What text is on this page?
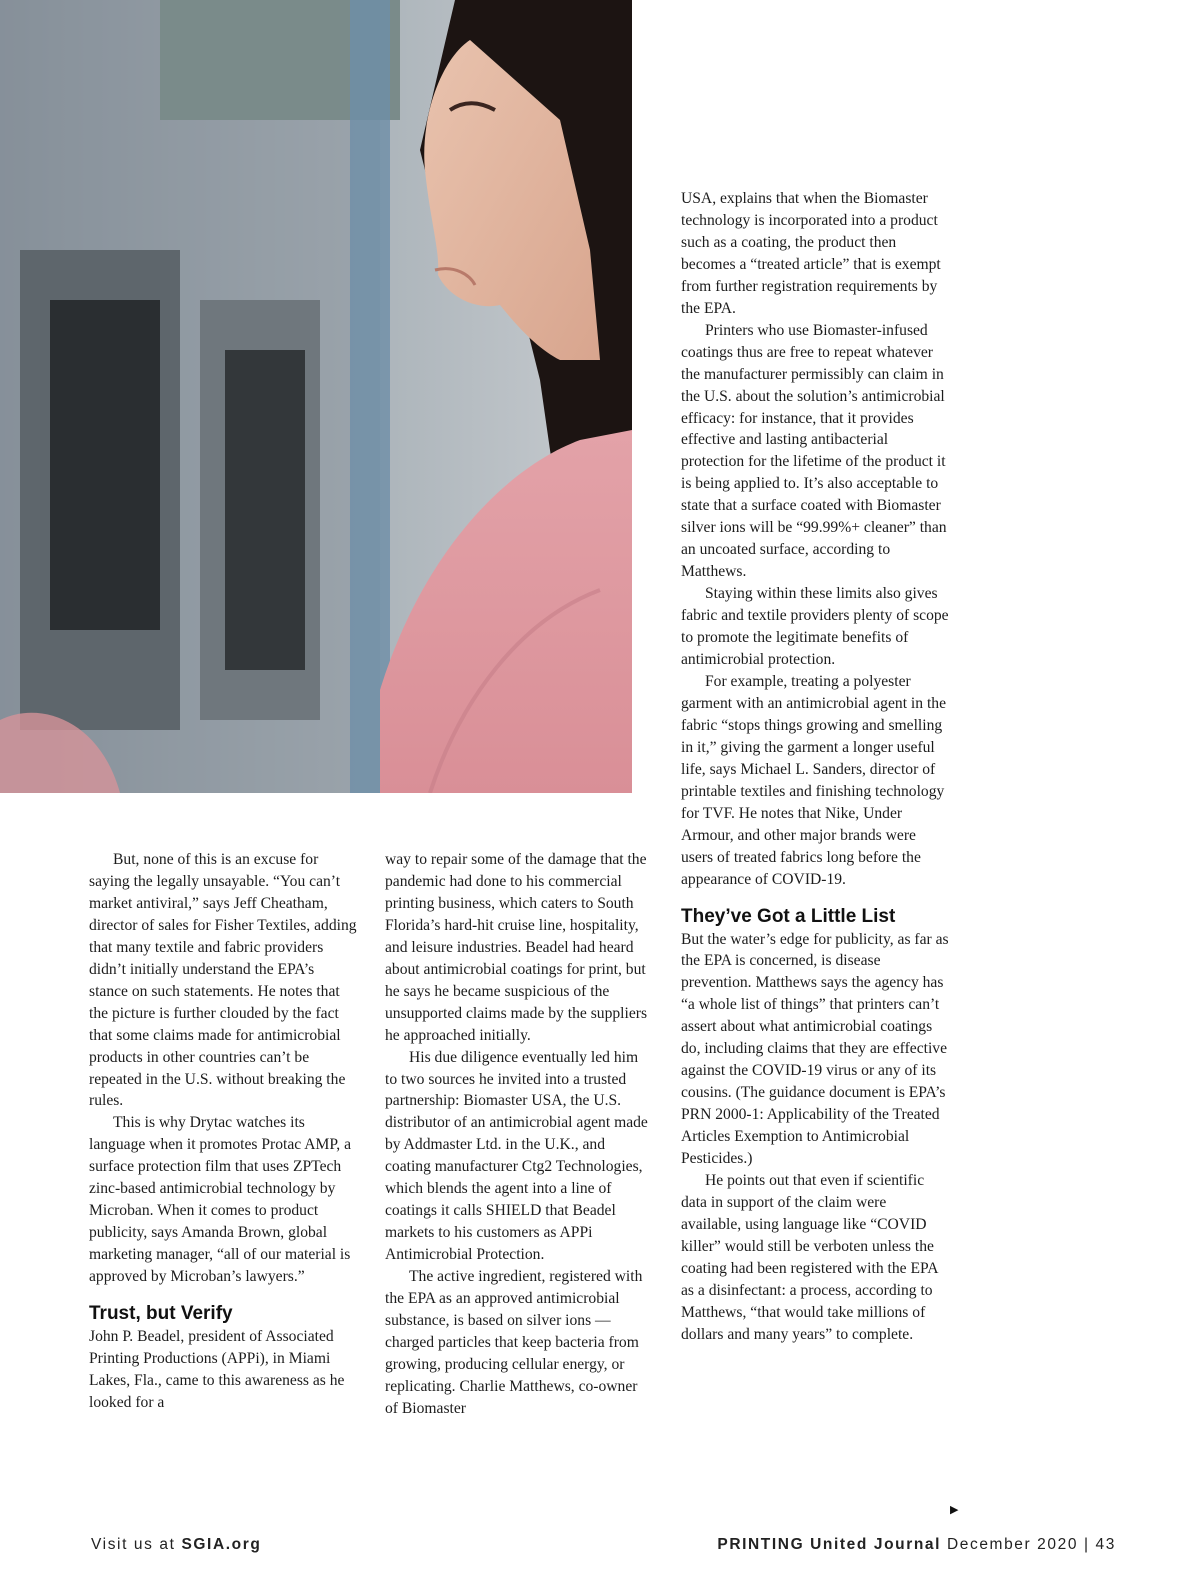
But, none of this is an excuse for saying the legally unsayable. “You can’t market antiviral,” says Jeff Cheatham, director of sales for Fisher Textiles, adding that many textile and fabric providers didn’t initially understand the EPA’s stance on such statements. He notes that the picture is further clouded by the fact that some claims made for antimicrobial products in other countries can’t be repeated in the U.S. without breaking the rules.

This is why Drytac watches its language when it promotes Protac AMP, a surface protection film that uses ZPTech zinc-based antimicrobial technology by Microban. When it comes to product publicity, says Amanda Brown, global marketing manager, “all of our material is approved by Microban’s lawyers.”

Trust, but Verify

John P. Beadel, president of Associated Printing Productions (APPi), in Miami Lakes, Fla., came to this awareness as he looked for a

way to repair some of the damage that the pandemic had done to his commercial printing business, which caters to South Florida’s hard-hit cruise line, hospitality, and leisure industries. Beadel had heard about antimicrobial coatings for print, but he says he became suspicious of the unsupported claims made by the suppliers he approached initially.

His due diligence eventually led him to two sources he invited into a trusted partnership: Biomaster USA, the U.S. distributor of an antimicrobial agent made by Addmaster Ltd. in the U.K., and coating manufacturer Ctg2 Technologies, which blends the agent into a line of coatings it calls SHIELD that Beadel markets to his customers as APPi Antimicrobial Protection.

The active ingredient, registered with the EPA as an approved antimicrobial substance, is based on silver ions — charged particles that keep bacteria from growing, producing cellular energy, or replicating. Charlie Matthews, co-owner of Biomaster

USA, explains that when the Biomaster technology is incorporated into a product such as a coating, the product then becomes a “treated article” that is exempt from further registration requirements by the EPA.

Printers who use Biomaster-infused coatings thus are free to repeat whatever the manufacturer permissibly can claim in the U.S. about the solution’s antimicrobial efficacy: for instance, that it provides effective and lasting antibacterial protection for the lifetime of the product it is being applied to. It’s also acceptable to state that a surface coated with Biomaster silver ions will be “99.99%+ cleaner” than an uncoated surface, according to Matthews.

Staying within these limits also gives fabric and textile providers plenty of scope to promote the legitimate benefits of antimicrobial protection.

For example, treating a polyester garment with an antimicrobial agent in the fabric “stops things growing and smelling in it,” giving the garment a longer useful life, says Michael L. Sanders, director of printable textiles and finishing technology for TVF. He notes that Nike, Under Armour, and other major brands were users of treated fabrics long before the appearance of COVID-19.

They’ve Got a Little List

But the water’s edge for publicity, as far as the EPA is concerned, is disease prevention. Matthews says the agency has “a whole list of things” that printers can’t assert about what antimicrobial coatings do, including claims that they are effective against the COVID-19 virus or any of its cousins. (The guidance document is EPA’s PRN 2000-1: Applicability of the Treated Articles Exemption to Antimicrobial Pesticides.)

He points out that even if scientific data in support of the claim were available, using language like “COVID killer” would still be verboten unless the coating had been registered with the EPA as a disinfectant: a process, according to Matthews, “that would take millions of dollars and many years” to complete.

▶
Visit us at SGIA.org	PRINTING United Journal December 2020 | 43
